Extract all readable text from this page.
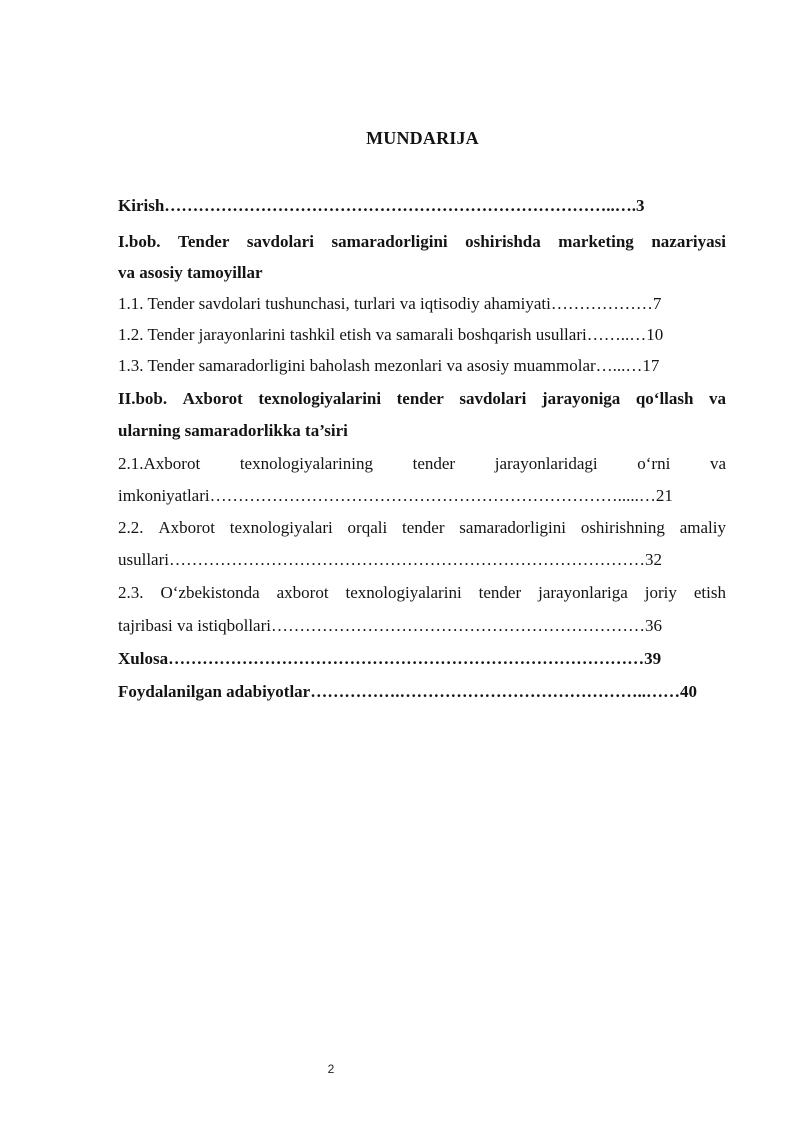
MUNDARIJA
Kirish……………………………………………………………………..….3
I.bob. Tender savdolari samaradorligini oshirishda marketing nazariyasi
va asosiy tamoyillar
1.1. Tender savdolari tushunchasi, turlari va iqtisodiy ahamiyati………………7
1.2. Tender jarayonlarini tashkil etish va samarali boshqarish usullari……..…10
1.3. Tender samaradorligini baholash mezonlari va asosiy muammolar…...…17
II.bob. Axborot texnologiyalarini tender savdolari jarayoniga qo‘llash va
ularning samaradorlikka ta’siri
2.1.Axborot texnologiyalarining tender jarayonlaridagi o‘rni va
imkoniyatlari……………………………………………………………….....…21
2.2. Axborot texnologiyalari orqali tender samaradorligini oshirishning amaliy
usullari…………………………………………………………………………32
2.3. O‘zbekistonda axborot texnologiyalarini tender jarayonlariga joriy etish
tajribasi va istiqbollari…………………………………………………………36
Xulosa…………………………………………………………………………39
Foydalanilgan adabiyotlar…………….……………………………………..……40
2
